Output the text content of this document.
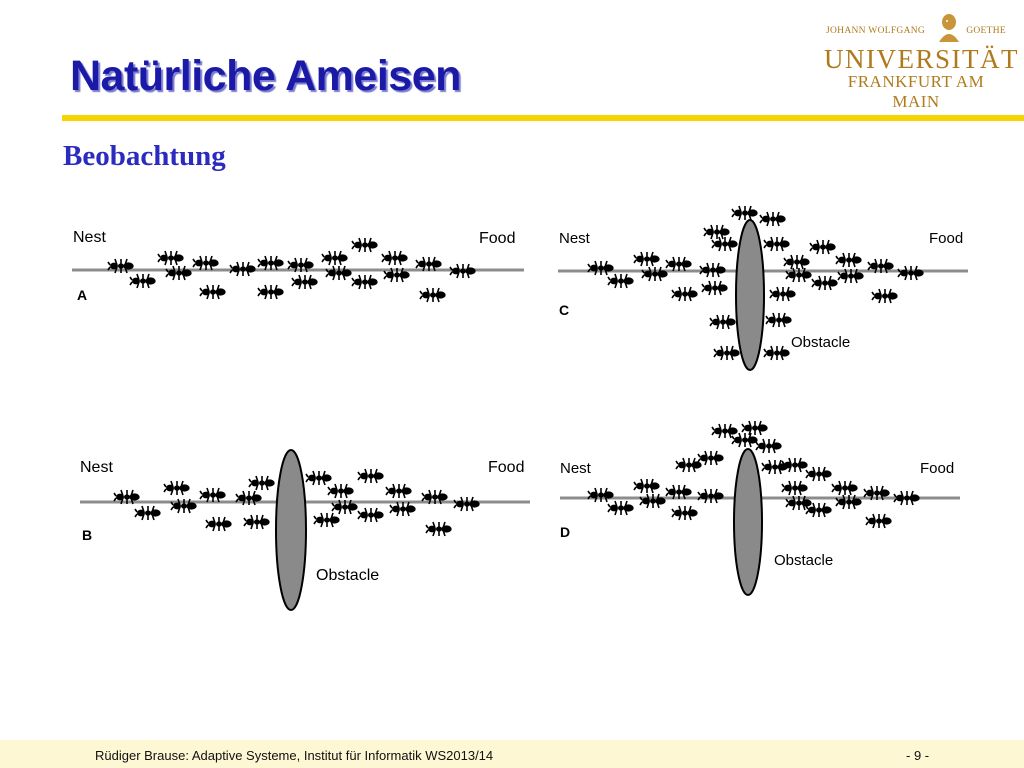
Natürliche Ameisen
Beobachtung
JOHANN WOLFGANG	GOETHE
UNIVERSITÄT
FRANKFURT AM MAIN
Nest	Food
A
Nest	Food
B
Obstacle
Nest	Food
C
Obstacle
Nest	Food
D
Obstacle
Rüdiger Brause: Adaptive Systeme, Institut für Informatik WS2013/14	- 9 -
